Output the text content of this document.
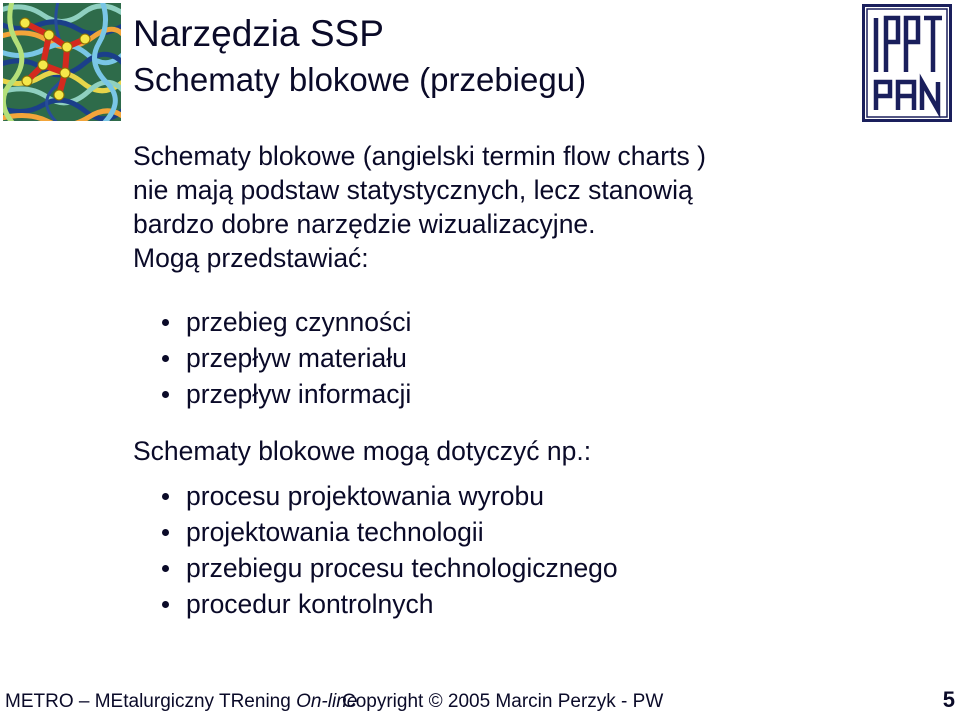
Narzędzia SSP
Schematy blokowe (przebiegu)

Schematy blokowe (angielski termin flow charts )

nie mają podstaw statystycznych, lecz stanowią

bardzo dobre narzędzie wizualizacyjne.

Mogą przedstawiać:

przebieg czynności
przepływ materiału
przepływ informacji
Schematy blokowe mogą dotyczyć np.:
procesu projektowania wyrobu
projektowania technologii
przebiegu procesu technologicznego
procedur kontrolnych
METRO – MEtalurgiczny TRening On-line
Copyright © 2005 Marcin Perzyk - PW	5
